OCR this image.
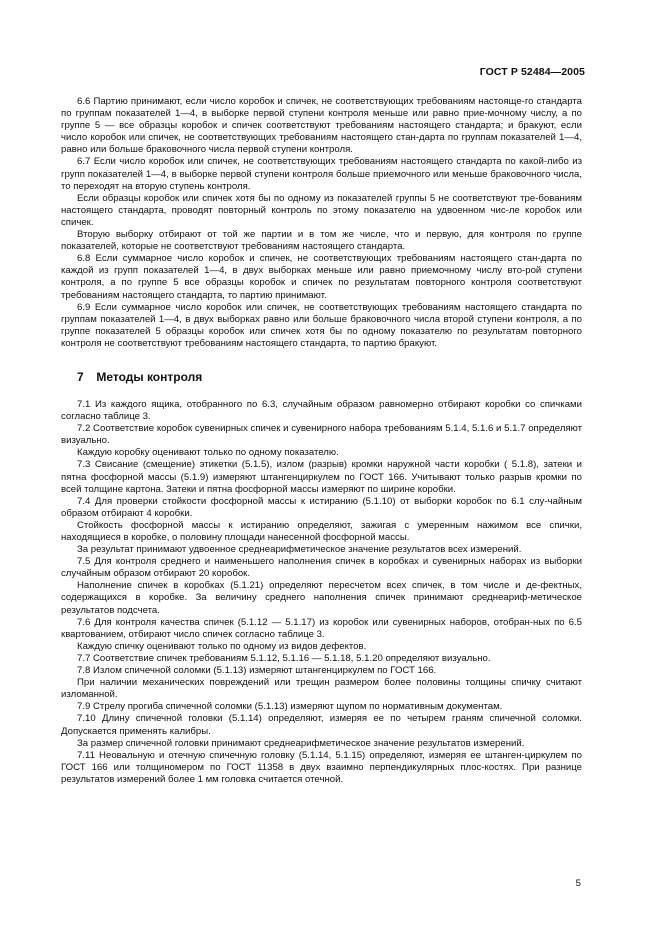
ГОСТ Р 52484—2005

6.6 Партию принимают, если число коробок и спичек, не соответствующих требованиям настояще-го стандарта по группам показателей 1—4, в выборке первой ступени контроля меньше или равно прие-мочному числу, а по группе 5 — все образцы коробок и спичек соответствуют требованиям настоящего стандарта; и бракуют, если число коробок или спичек, не соответствующих требованиям настоящего стан-дарта по группам показателей 1—4, равно или больше браковочного числа первой ступени контроля.

6.7 Если число коробок или спичек, не соответствующих требованиям настоящего стандарта по какой-либо из групп показателей 1—4, в выборке первой ступени контроля больше приемочного или меньше браковочного числа, то переходят на вторую ступень контроля.

Если образцы коробок или спичек хотя бы по одному из показателей группы 5 не соответствуют тре-бованиям настоящего стандарта, проводят повторный контроль по этому показателю на удвоенном чис-ле коробок или спичек.

Вторую выборку отбирают от той же партии и в том же числе, что и первую, для контроля по группе показателей, которые не соответствуют требованиям настоящего стандарта.

6.8 Если суммарное число коробок и спичек, не соответствующих требованиям настоящего стан-дарта по каждой из групп показателей 1—4, в двух выборках меньше или равно приемочному числу вто-рой ступени контроля, а по группе 5 все образцы коробок и спичек по результатам повторного контроля соответствуют требованиям настоящего стандарта, то партию принимают.

6.9 Если суммарное число коробок или спичек, не соответствующих требованиям настоящего стандарта по группам показателей 1—4, в двух выборках равно или больше браковочного числа второй ступени контроля, а по группе показателей 5 образцы коробок или спичек хотя бы по одному показателю по результатам повторного контроля не соответствуют требованиям настоящего стандарта, то партию бракуют.

7 Методы контроля

7.1 Из каждого ящика, отобранного по 6.3, случайным образом равномерно отбирают коробки со спичками согласно таблице 3.

7.2 Соответствие коробок сувенирных спичек и сувенирного набора требованиям 5.1.4, 5.1.6 и 5.1.7 определяют визуально.

Каждую коробку оценивают только по одному показателю.

7.3 Свисание (смещение) этикетки (5.1.5), излом (разрыв) кромки наружной части коробки ( 5.1.8), затеки и пятна фосфорной массы (5.1.9) измеряют штангенциркулем по ГОСТ 166. Учитывают только разрыв кромки по всей толщине картона. Затеки и пятна фосфорной массы измеряют по ширине коробки.

7.4 Для проверки стойкости фосфорной массы к истиранию (5.1.10) от выборки коробок по 6.1 слу-чайным образом отбирают 4 коробки.

Стойкость фосфорной массы к истиранию определяют, зажигая с умеренным нажимом все спички, находящиеся в коробке, о половину площади нанесенной фосфорной массы.

За результат принимают удвоенное среднеарифметическое значение результатов всех измерений.

7.5 Для контроля среднего и наименьшего наполнения спичек в коробках и сувенирных наборах из выборки случайным образом отбирают 20 коробок.

Наполнение спичек в коробках (5.1.21) определяют пересчетом всех спичек, в том числе и де-фектных, содержащихся в коробке. За величину среднего наполнения спичек принимают среднеариф-метическое результатов подсчета.

7.6 Для контроля качества спичек (5.1.12 — 5.1.17) из коробок или сувенирных наборов, отобран-ных по 6.5 квартованием, отбирают число спичек согласно таблице 3.

Каждую спичку оценивают только по одному из видов дефектов.

7.7 Соответствие спичек требованиям 5.1.12, 5.1.16 — 5.1.18, 5.1.20 определяют визуально.

7.8 Излом спичечной соломки (5.1.13) измеряют штангенциркулем по ГОСТ 166.

При наличии механических повреждений или трещин размером более половины толщины спичку считают изломанной.

7.9 Стрелу прогиба спичечной соломки (5.1.13) измеряют щупом по нормативным документам.

7.10 Длину спичечной головки (5.1.14) определяют, измеряя ее по четырем граням спичечной соломки. Допускается применять калибры.

За размер спичечной головки принимают среднеарифметическое значение результатов измерений.

7.11 Неовальную и отечную спичечную головку (5.1.14, 5.1.15) определяют, измеряя ее штанген-циркулем по ГОСТ 166 или толщиномером по ГОСТ 11358 в двух взаимно перпендикулярных плос-костях. При разнице результатов измерений более 1 мм головка считается отечной.

5
